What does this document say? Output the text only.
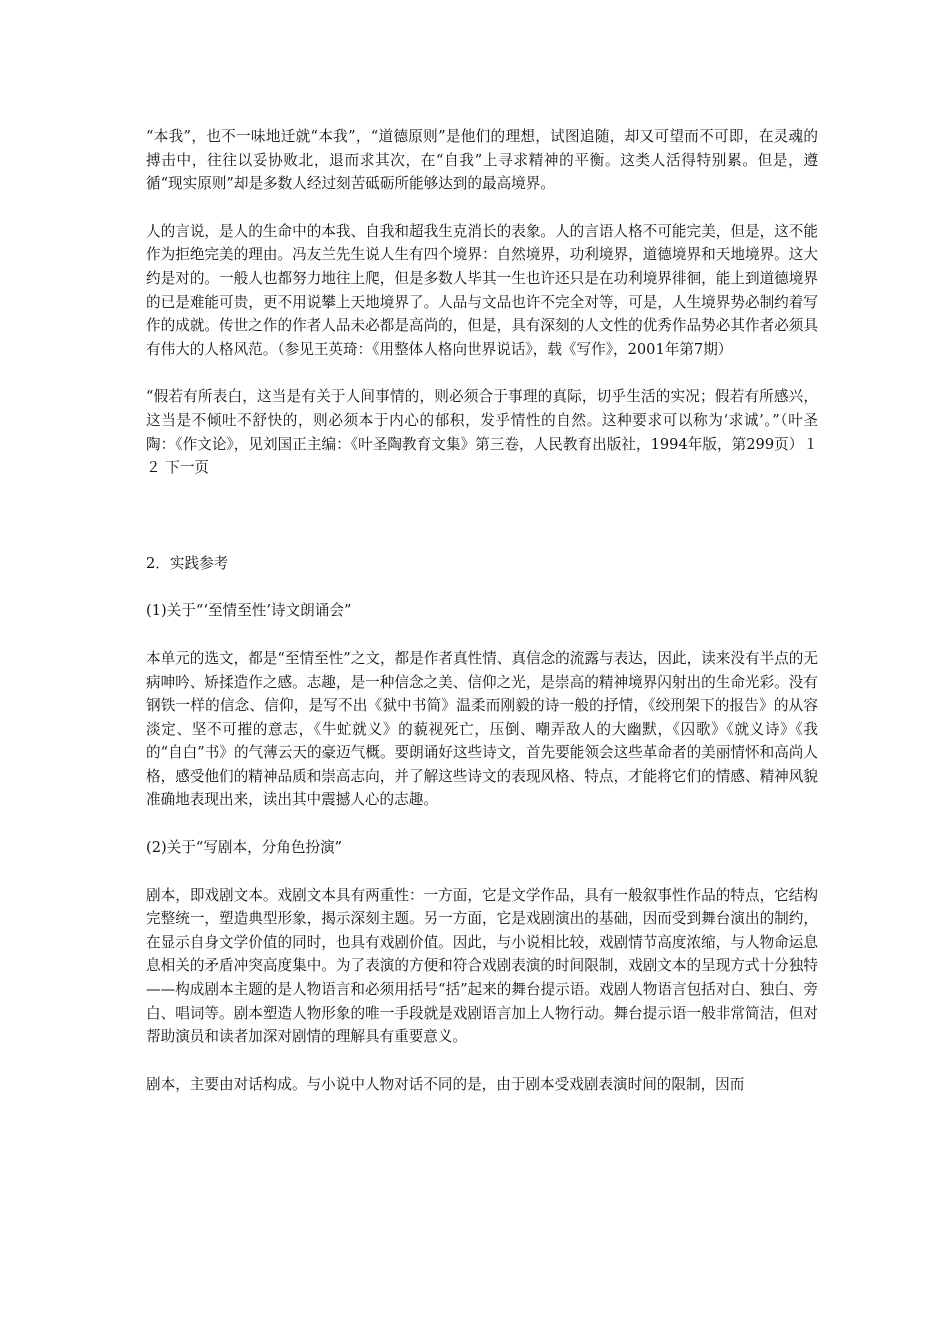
“本我”，也不一味地迁就“本我”，“道德原则”是他们的理想，试图追随，却又可望而不可即，在灵魂的搏击中，往往以妥协败北，退而求其次，在“自我”上寻求精神的平衡。这类人活得特别累。但是，遵循“现实原则”却是多数人经过刻苦砥砺所能够达到的最高境界。

人的言说，是人的生命中的本我、自我和超我生克消长的表象。人的言语人格不可能完美，但是，这不能作为拒绝完美的理由。冯友兰先生说人生有四个境界：自然境界，功利境界，道德境界和天地境界。这大约是对的。一般人也都努力地往上爬，但是多数人毕其一生也许还只是在功利境界徘徊，能上到道德境界的已是难能可贵，更不用说攀上天地境界了。人品与文品也许不完全对等，可是，人生境界势必制约着写作的成就。传世之作的作者人品未必都是高尚的，但是，具有深刻的人文性的优秀作品势必其作者必须具有伟大的人格风范。（参见王英琦：《用整体人格向世界说话》，载《写作》，2001年第7期）

“假若有所表白，这当是有关于人间事情的，则必须合于事理的真际，切乎生活的实况；假若有所感兴，这当是不倾吐不舒快的，则必须本于内心的郁积，发乎情性的自然。这种要求可以称为‘求诚’。”（叶圣陶：《作文论》，见刘国正主编：《叶圣陶教育文集》第三卷，人民教育出版社，1994年版，第299页）１ ２ 下一页

2．实践参考

(1)关于“‘至情至性’诗文朗诵会”

本单元的选文，都是“至情至性”之文，都是作者真性情、真信念的流露与表达，因此，读来没有半点的无病呻吟、矫揉造作之感。志趣，是一种信念之美、信仰之光，是崇高的精神境界闪射出的生命光彩。没有钢铁一样的信念、信仰，是写不出《狱中书简》温柔而刚毅的诗一般的抒情，《绞刑架下的报告》的从容淡定、坚不可摧的意志，《牛虻就义》的藐视死亡，压倒、嘲弄敌人的大幽默，《囚歌》《就义诗》《我的“自白”书》的气薄云天的豪迈气概。要朗诵好这些诗文，首先要能领会这些革命者的美丽情怀和高尚人格，感受他们的精神品质和崇高志向，并了解这些诗文的表现风格、特点，才能将它们的情感、精神风貌准确地表现出来，读出其中震撼人心的志趣。

(2)关于“写剧本，分角色扮演”

剧本，即戏剧文本。戏剧文本具有两重性：一方面，它是文学作品，具有一般叙事性作品的特点，它结构完整统一，塑造典型形象，揭示深刻主题。另一方面，它是戏剧演出的基础，因而受到舞台演出的制约，在显示自身文学价值的同时，也具有戏剧价值。因此，与小说相比较，戏剧情节高度浓缩，与人物命运息息相关的矛盾冲突高度集中。为了表演的方便和符合戏剧表演的时间限制，戏剧文本的呈现方式十分独特——构成剧本主题的是人物语言和必须用括号“括”起来的舞台提示语。戏剧人物语言包括对白、独白、旁白、唱词等。剧本塑造人物形象的唯一手段就是戏剧语言加上人物行动。舞台提示语一般非常简洁，但对帮助演员和读者加深对剧情的理解具有重要意义。

剧本，主要由对话构成。与小说中人物对话不同的是，由于剧本受戏剧表演时间的限制，因而
